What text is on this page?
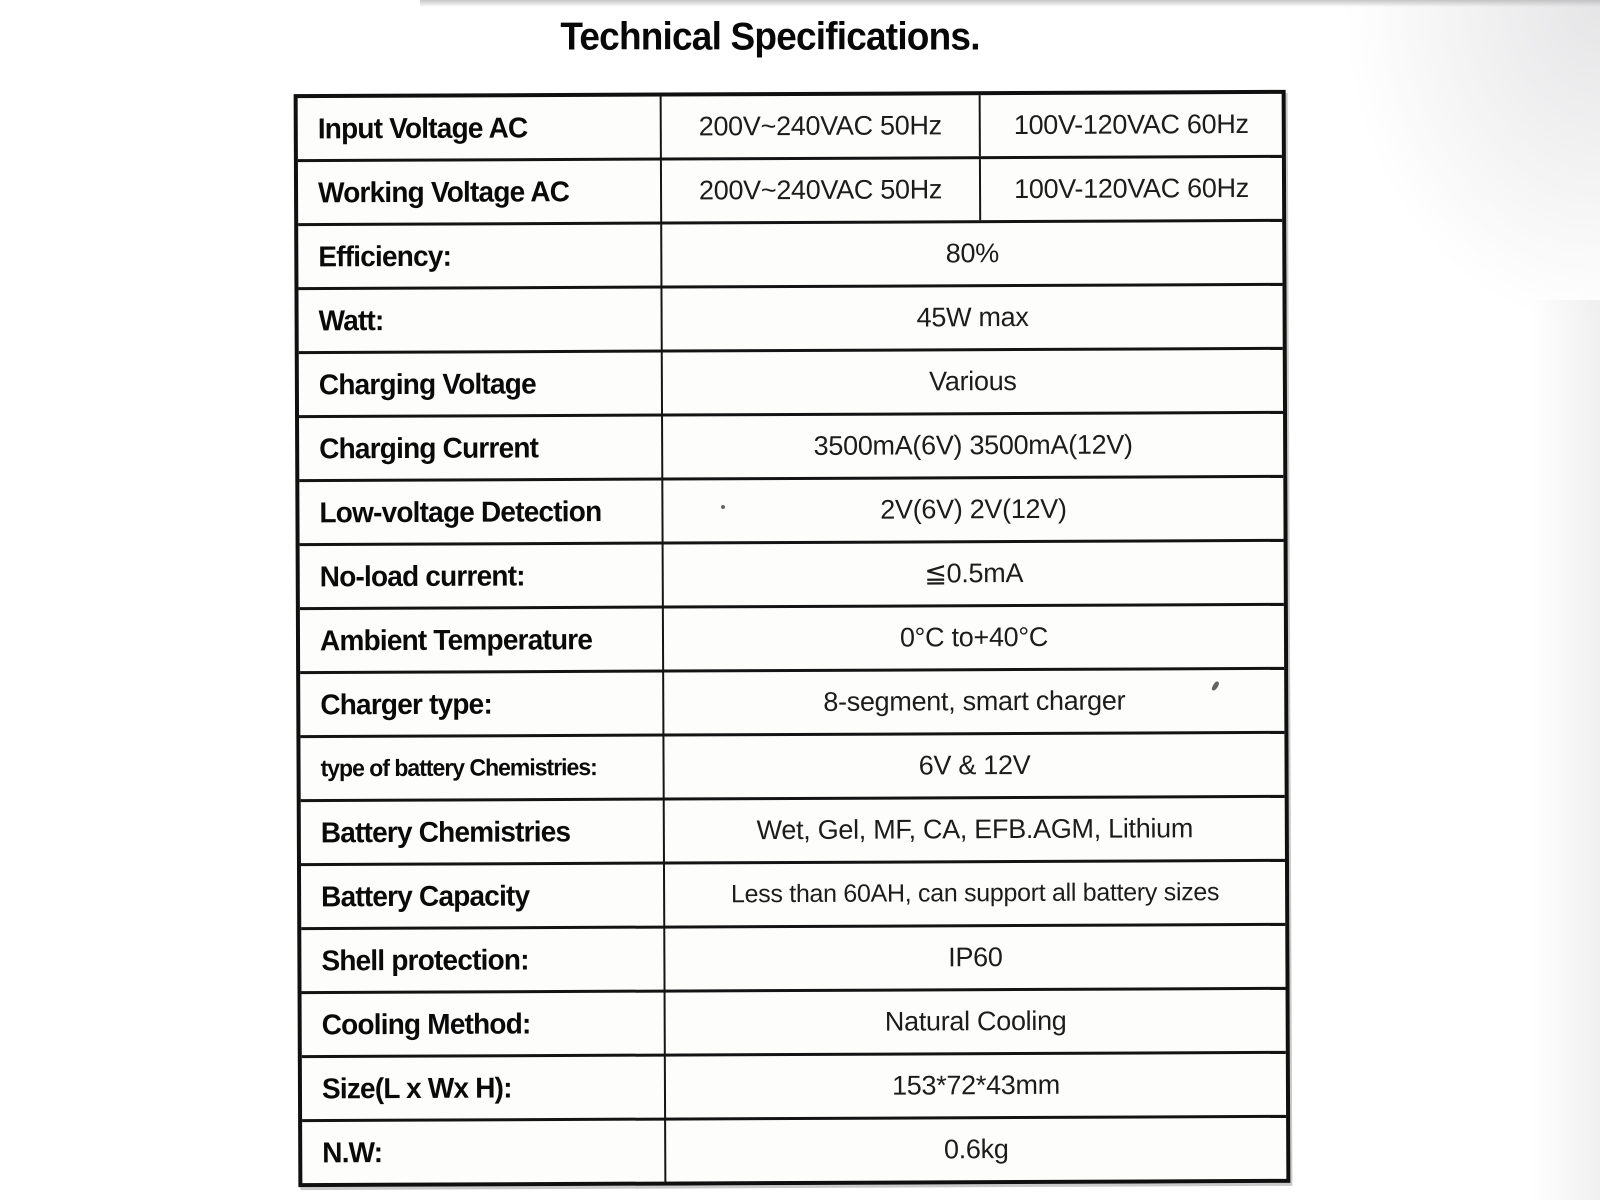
Technical Specifications.
Input Voltage AC	200V~240VAC 50Hz	100V-120VAC 60Hz
Working Voltage AC	200V~240VAC 50Hz	100V-120VAC 60Hz
Efficiency:	80%
Watt:	45W max
Charging Voltage	Various
Charging Current	3500mA(6V) 3500mA(12V)
Low-voltage Detection	2V(6V) 2V(12V)
No-load current:	≦0.5mA
Ambient Temperature	0°C to+40°C
Charger type:	8-segment, smart charger
type of battery Chemistries:	6V & 12V
Battery Chemistries	Wet, Gel, MF, CA, EFB.AGM, Lithium
Battery Capacity	Less than 60AH, can support all battery sizes
Shell protection:	IP60
Cooling Method:	Natural Cooling
Size(L x Wx H):	153*72*43mm
N.W:	0.6kg
